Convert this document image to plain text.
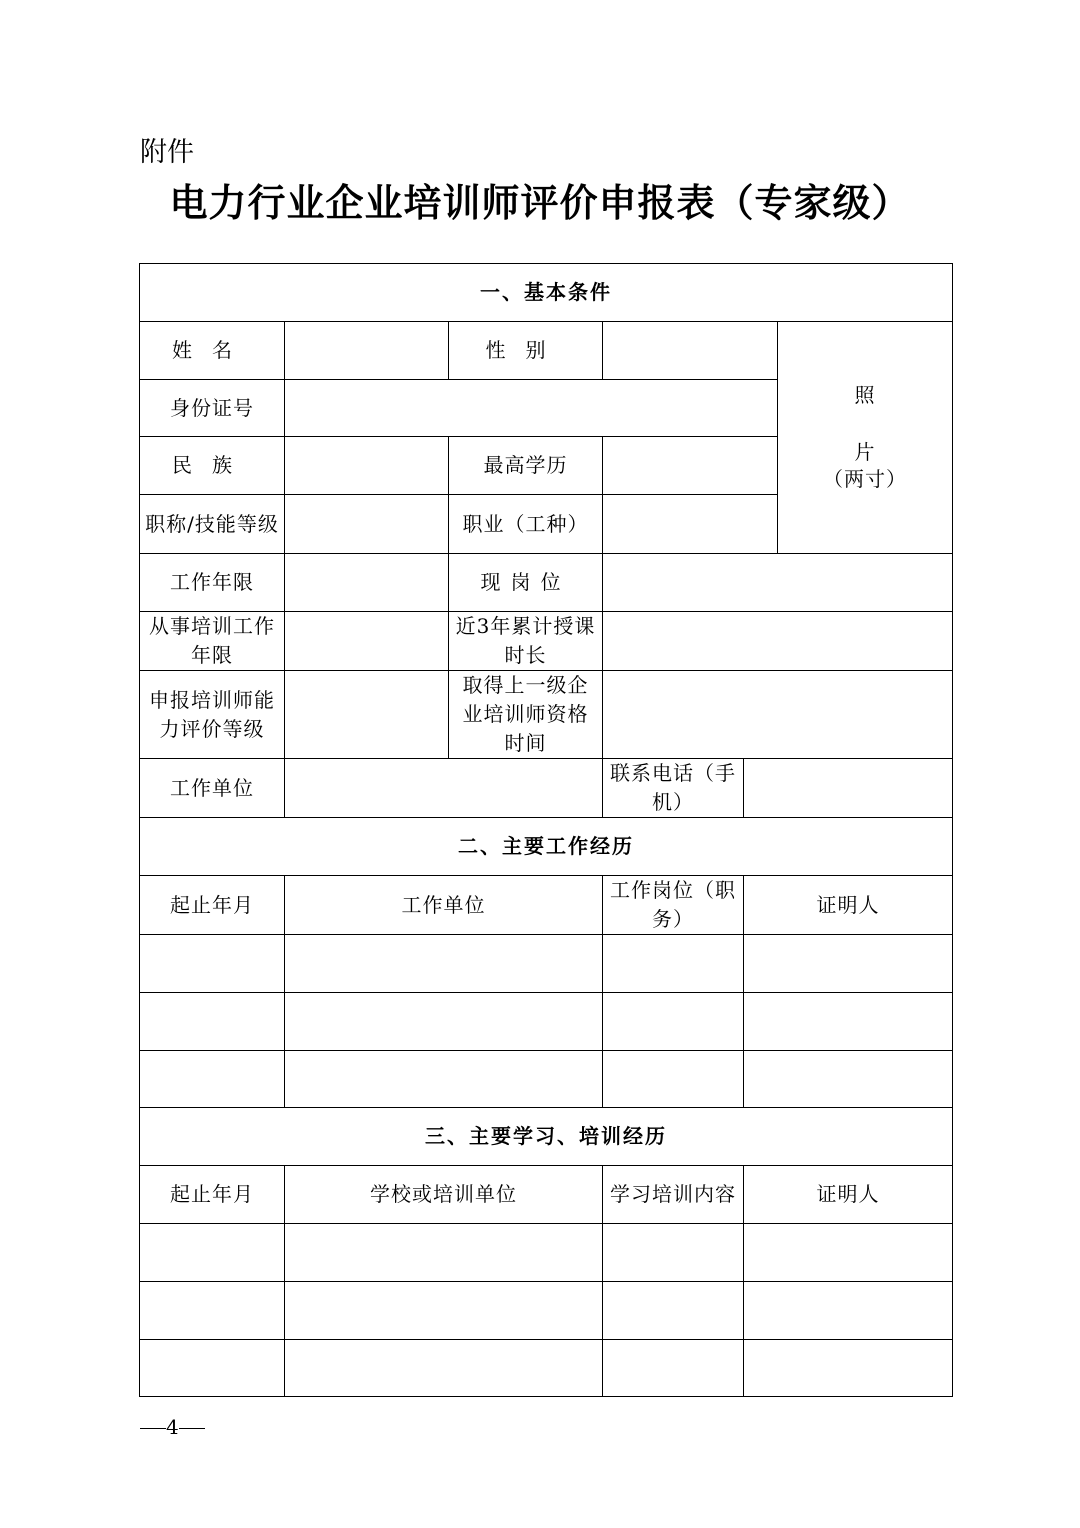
附件
电力行业企业培训师评价申报表（专家级）
一、基本条件					
姓名		性别			照
片
（两寸）

身份证号					
民族		最高学历			
职称/技能等级		职业（工种）			
工作年限		现岗位			
从事培训工作年限		近3年累计授课时长			
申报培训师能力评价等级		取得上一级企业培训师资格时间			
工作单位			联系电话（手机）		
二、主要工作经历					
起止年月	工作单位		工作岗位（职务）	证明人	

三、主要学习、培训经历					
起止年月	学校或培训单位		学习培训内容	证明人	

4
